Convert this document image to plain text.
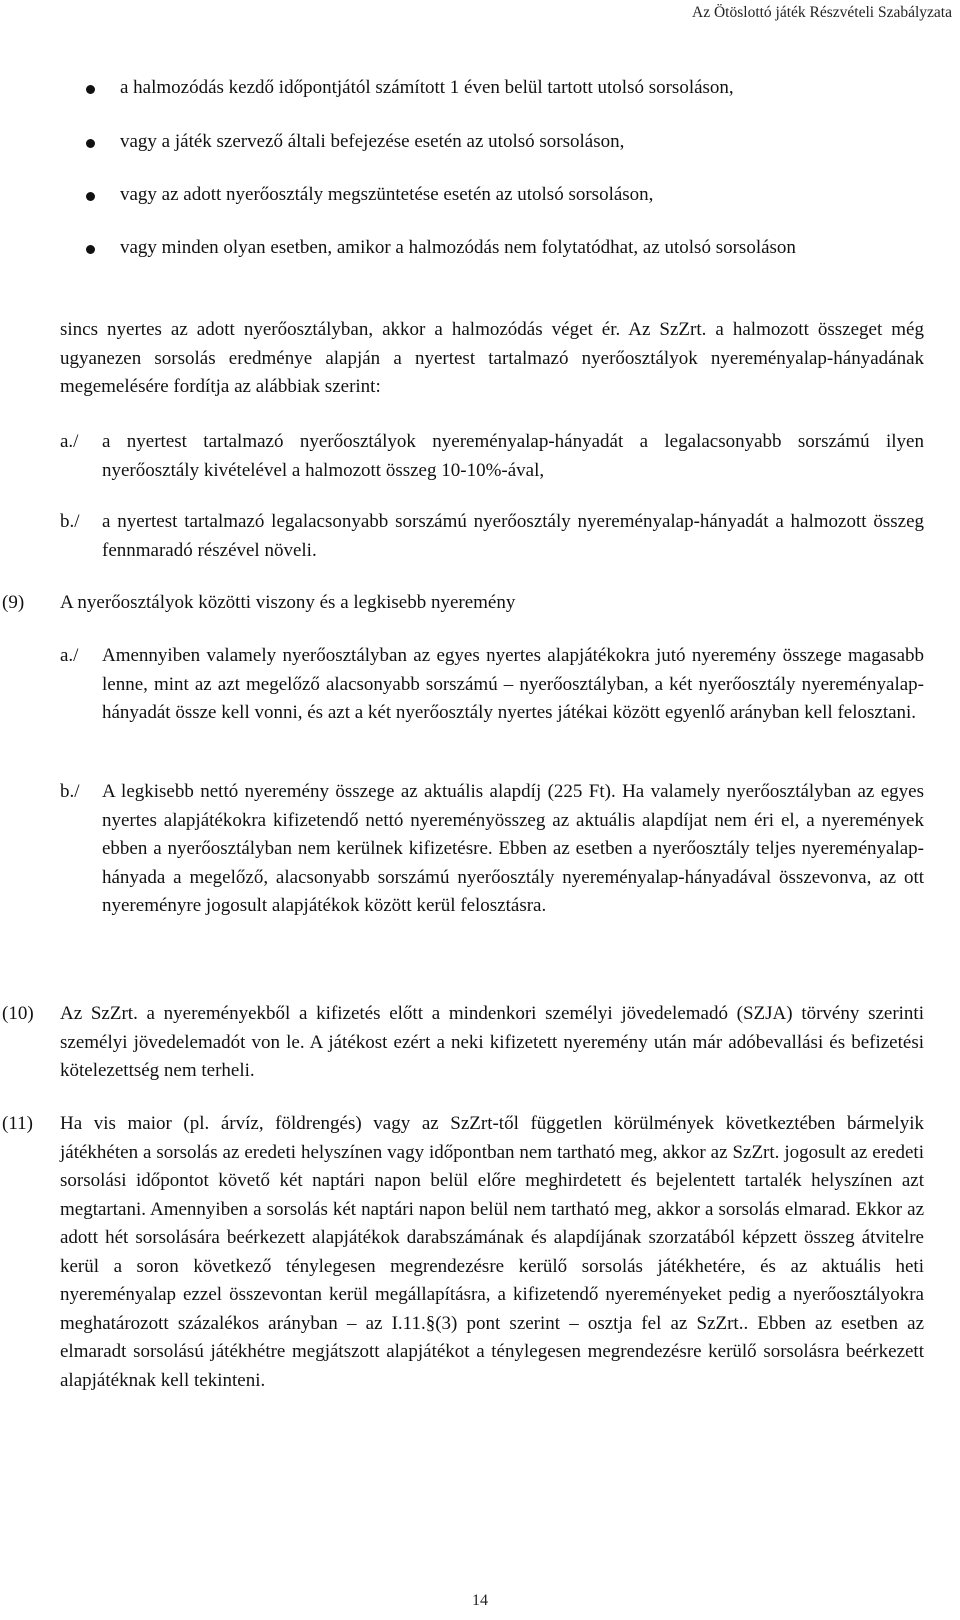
Az Ötöslottó játék Részvételi Szabályzata
a halmozódás kezdő időpontjától számított 1 éven belül tartott utolsó sorsoláson,
vagy a játék szervező általi befejezése esetén az utolsó sorsoláson,
vagy az adott nyerőosztály megszüntetése esetén az utolsó sorsoláson,
vagy minden olyan esetben, amikor a halmozódás nem folytatódhat, az utolsó sorsoláson
sincs nyertes az adott nyerőosztályban, akkor a halmozódás véget ér. Az SzZrt. a halmozott összeget még ugyanezen sorsolás eredménye alapján a nyertest tartalmazó nyerőosztályok nyereményalap-hányadának megemelésére fordítja az alábbiak szerint:
a./ a nyertest tartalmazó nyerőosztályok nyereményalap-hányadát a legalacsonyabb sorszámú ilyen nyerőosztály kivételével a halmozott összeg 10-10%-ával,
b./ a nyertest tartalmazó legalacsonyabb sorszámú nyerőosztály nyereményalap-hányadát a halmozott összeg fennmaradó részével növeli.
(9) A nyerőosztályok közötti viszony és a legkisebb nyeremény
a./ Amennyiben valamely nyerőosztályban az egyes nyertes alapjátékokra jutó nyeremény összege magasabb lenne, mint az azt megelőző alacsonyabb sorszámú – nyerőosztályban, a két nyerőosztály nyereményalap-hányadát össze kell vonni, és azt a két nyerőosztály nyertes játékai között egyenlő arányban kell felosztani.
b./ A legkisebb nettó nyeremény összege az aktuális alapdíj (225 Ft). Ha valamely nyerőosztályban az egyes nyertes alapjátékokra kifizetendő nettó nyereményösszeg az aktuális alapdíjat nem éri el, a nyeremények ebben a nyerőosztályban nem kerülnek kifizetésre. Ebben az esetben a nyerőosztály teljes nyereményalap-hányada a megelőző, alacsonyabb sorszámú nyerőosztály nyereményalap-hányadával összevonva, az ott nyereményre jogosult alapjátékok között kerül felosztásra.
(10) Az SzZrt. a nyereményekből a kifizetés előtt a mindenkori személyi jövedelemadó (SZJA) törvény szerinti személyi jövedelemadót von le. A játékost ezért a neki kifizetett nyeremény után már adóbevallási és befizetési kötelezettség nem terheli.
(11) Ha vis maior (pl. árvíz, földrengés) vagy az SzZrt-től független körülmények következtében bármelyik játékhéten a sorsolás az eredeti helyszínen vagy időpontban nem tartható meg, akkor az SzZrt. jogosult az eredeti sorsolási időpontot követő két naptári napon belül előre meghirdetett és bejelentett tartalék helyszínen azt megtartani. Amennyiben a sorsolás két naptári napon belül nem tartható meg, akkor a sorsolás elmarad. Ekkor az adott hét sorsolására beérkezett alapjátékok darabszámának és alapdíjának szorzatából képzett összeg átvitelre kerül a soron következő ténylegesen megrendezésre kerülő sorsolás játékhetére, és az aktuális heti nyereményalap ezzel összevontan kerül megállapításra, a kifizetendő nyereményeket pedig a nyerőosztályokra meghatározott százalékos arányban – az I.11.§(3) pont szerint – osztja fel az SzZrt.. Ebben az esetben az elmaradt sorsolású játékhétre megjátszott alapjátékot a ténylegesen megrendezésre kerülő sorsolásra beérkezett alapjátéknak kell tekinteni.
14
